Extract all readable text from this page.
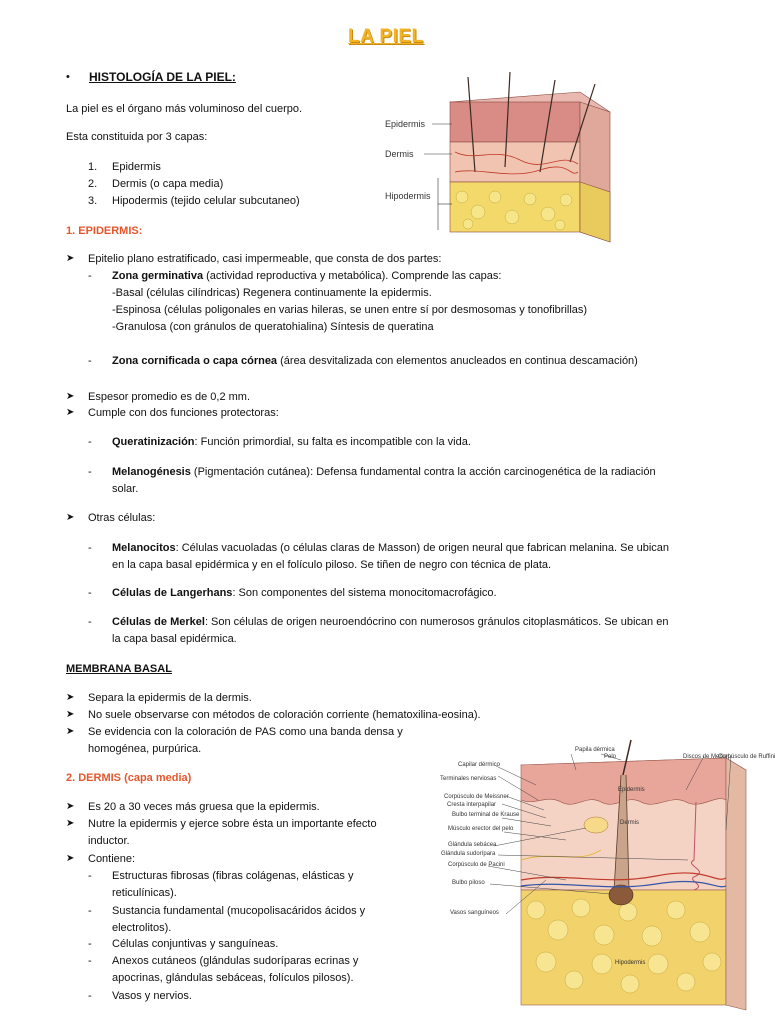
LA PIEL
• HISTOLOGÍA DE LA PIEL:
La piel es el órgano más voluminoso del cuerpo.
Esta constituida por 3 capas:
1. Epidermis
2. Dermis (o capa media)
3. Hipodermis (tejido celular subcutaneo)
Epidermis
Dermis
Hipodermis
1. EPIDERMIS:
➤ Epitelio plano estratificado, casi impermeable, que consta de dos partes:
- Zona germinativa (actividad reproductiva y metabólica). Comprende las capas:
-Basal (células cilíndricas) Regenera continuamente la epidermis.
-Espinosa (células poligonales en varias hileras, se unen entre sí por desmosomas y tonofibrillas)
-Granulosa (con gránulos de queratohialina) Síntesis de queratina
- Zona cornificada o capa córnea (área desvitalizada con elementos anucleados en continua descamación)
➤ Espesor promedio es de 0,2 mm.
➤ Cumple con dos funciones protectoras:
- Queratinización: Función primordial, su falta es incompatible con la vida.
- Melanogénesis (Pigmentación cutánea): Defensa fundamental contra la acción carcinogenética de la radiación
solar.
➤ Otras células:
- Melanocitos: Células vacuoladas (o células claras de Masson) de origen neural que fabrican melanina. Se ubican
en la capa basal epidérmica y en el folículo piloso. Se tiñen de negro con técnica de plata.
- Células de Langerhans: Son componentes del sistema monocitomacrofágico.
- Células de Merkel: Son células de origen neuroendócrino con numerosos gránulos citoplasmáticos. Se ubican en
la capa basal epidérmica.
MEMBRANA BASAL
➤ Separa la epidermis de la dermis.
➤ No suele observarse con métodos de coloración corriente (hematoxilina-eosina).
➤ Se evidencia con la coloración de PAS como una banda densa y
homogénea, purpúrica.
2. DERMIS (capa media)
➤ Es 20 a 30 veces más gruesa que la epidermis.
➤ Nutre la epidermis y ejerce sobre ésta un importante efecto
inductor.
➤ Contiene:
- Estructuras fibrosas (fibras colágenas, elásticas y
reticulínicas).
- Sustancia fundamental (mucopolisacáridos ácidos y
electrolitos).
- Células conjuntivas y sanguíneas.
- Anexos cutáneos (glándulas sudoríparas ecrinas y
apocrinas, glándulas sebáceas, folículos pilosos).
- Vasos y nervios.
Papila dérmica
Pelo	Discos de Merkel
Corpúsculo de Ruffini
Capilar dérmico
Terminales nerviosas
Corpúsculo de Meissner
Cresta interpapilar
Bulbo terminal de Krause
Músculo erector del pelo
Glándula sebácea
Glándula sudorípara
Corpúsculo de Pacini
Bulbo piloso
Vasos sanguíneos
Epidermis
Dermis
Hipodermis
